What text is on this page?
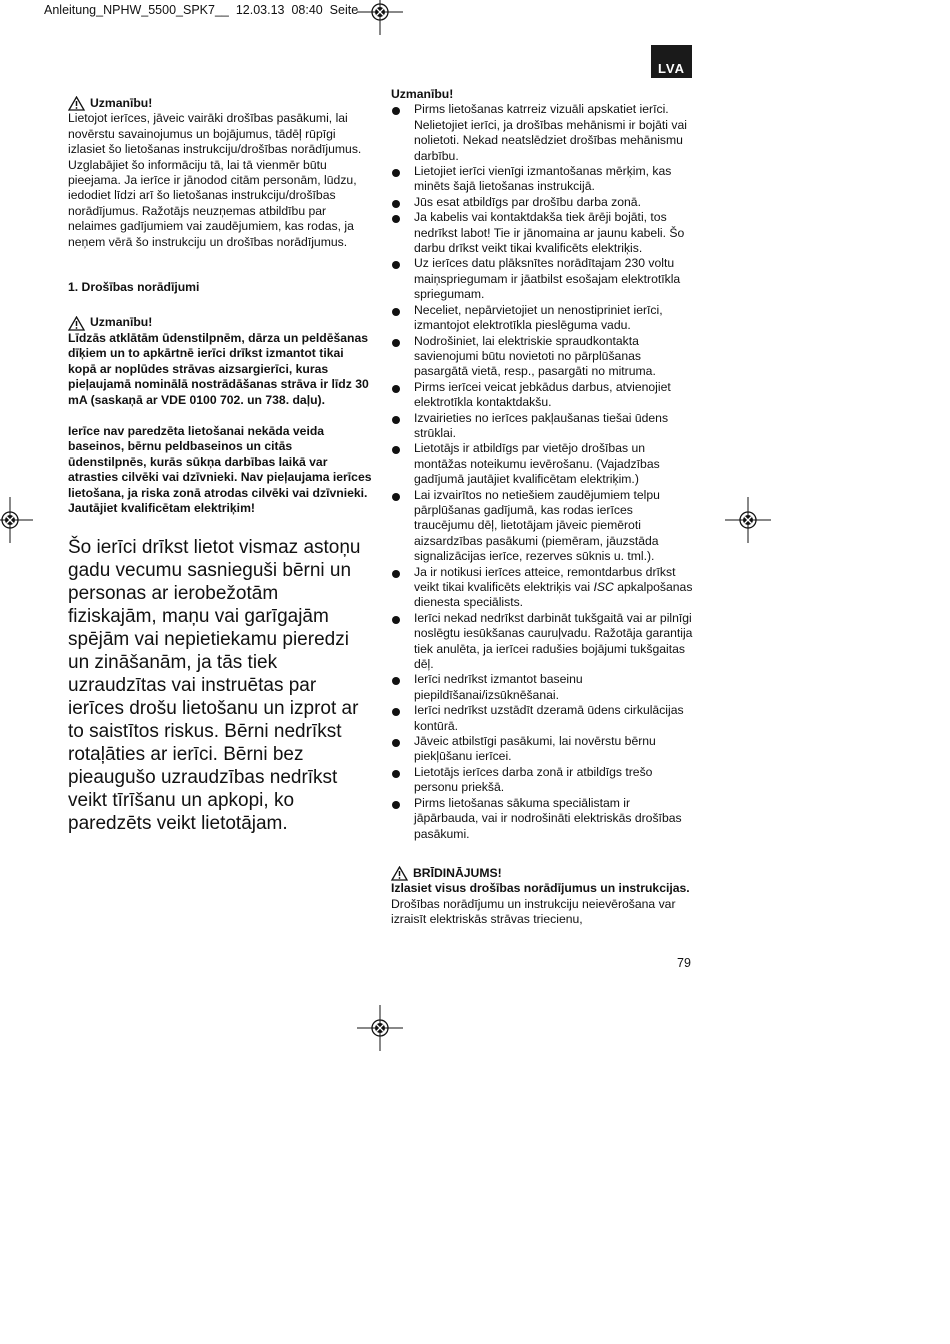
Anleitung_NPHW_5500_SPK7__ 12.03.13 08:40 Seite
LVA
Uzmanību!

Lietojot ierīces, jāveic vairāki drošības pasākumi, lai novērstu savainojumus un bojājumus, tādēļ rūpīgi izlasiet šo lietošanas instrukciju/drošības norādījumus. Uzglabājiet šo informāciju tā, lai tā vienmēr būtu pieejama. Ja ierīce ir jānodod citām personām, lūdzu, iedodiet līdzi arī šo lietošanas instrukciju/drošības norādījumus. Ražotājs neuzņemas atbildību par nelaimes gadījumiem vai zaudējumiem, kas rodas, ja neņem vērā šo instrukciju un drošības norādījumus.

1. Drošības norādījumi

Uzmanību!

Līdzās atklātām ūdenstilpnēm, dārza un peldēšanas dīķiem un to apkārtnē ierīci drīkst izmantot tikai kopā ar noplūdes strāvas aizsargierīci, kuras pieļaujamā nominālā nostrādāšanas strāva ir līdz 30 mA (saskaņā ar VDE 0100 702. un 738. daļu).

Ierīce nav paredzēta lietošanai nekāda veida baseinos, bērnu peldbaseinos un citās ūdenstilpnēs, kurās sūkņa darbības laikā var atrasties cilvēki vai dzīvnieki. Nav pieļaujama ierīces lietošana, ja riska zonā atrodas cilvēki vai dzīvnieki. Jautājiet kvalificētam elektriķim!

Šo ierīci drīkst lietot vismaz astoņu gadu vecumu sasnieguši bērni un personas ar ierobežotām fiziskajām, maņu vai garīgajām spējām vai nepietiekamu pieredzi un zināšanām, ja tās tiek uzraudzītas vai instruētas par ierīces drošu lietošanu un izprot ar to saistītos riskus. Bērni nedrīkst rotaļāties ar ierīci. Bērni bez pieaugušo uzraudzības nedrīkst veikt tīrīšanu un apkopi, ko paredzēts veikt lietotājam.

Uzmanību!

Pirms lietošanas katrreiz vizuāli apskatiet ierīci. Nelietojiet ierīci, ja drošības mehānismi ir bojāti vai nolietoti. Nekad neatslēdziet drošības mehānismu darbību.
Lietojiet ierīci vienīgi izmantošanas mērķim, kas minēts šajā lietošanas instrukcijā.
Jūs esat atbildīgs par drošību darba zonā.
Ja kabelis vai kontaktdakša tiek ārēji bojāti, tos nedrīkst labot! Tie ir jānomaina ar jaunu kabeli. Šo darbu drīkst veikt tikai kvalificēts elektriķis.
Uz ierīces datu plāksnītes norādītajam 230 voltu maiņspriegumam ir jāatbilst esošajam elektrotīkla spriegumam.
Neceliet, nepārvietojiet un nenostipriniet ierīci, izmantojot elektrotīkla pieslēguma vadu.
Nodrošiniet, lai elektriskie spraudkontakta savienojumi būtu novietoti no pārplūšanas pasargātā vietā, resp., pasargāti no mitruma.
Pirms ierīcei veicat jebkādus darbus, atvienojiet elektrotīkla kontaktdakšu.
Izvairieties no ierīces pakļaušanas tiešai ūdens strūklai.
Lietotājs ir atbildīgs par vietējo drošības un montāžas noteikumu ievērošanu. (Vajadzības gadījumā jautājiet kvalificētam elektriķim.)
Lai izvairītos no netiešiem zaudējumiem telpu pārplūšanas gadījumā, kas rodas ierīces traucējumu dēļ, lietotājam jāveic piemēroti aizsardzības pasākumi (piemēram, jāuzstāda signalizācijas ierīce, rezerves sūknis u. tml.).
Ja ir notikusi ierīces atteice, remontdarbus drīkst veikt tikai kvalificēts elektriķis vai ISC apkalpošanas dienesta speciālists.
Ierīci nekad nedrīkst darbināt tukšgaitā vai ar pilnīgi noslēgtu iesūkšanas cauruļvadu. Ražotāja garantija tiek anulēta, ja ierīcei radušies bojājumi tukšgaitas dēļ.
Ierīci nedrīkst izmantot baseinu piepildīšanai/izsūknēšanai.
Ierīci nedrīkst uzstādīt dzeramā ūdens cirkulācijas kontūrā.
Jāveic atbilstīgi pasākumi, lai novērstu bērnu piekļūšanu ierīcei.
Lietotājs ierīces darba zonā ir atbildīgs trešo personu priekšā.
Pirms lietošanas sākuma speciālistam ir jāpārbauda, vai ir nodrošināti elektriskās drošības pasākumi.
BRĪDINĀJUMS!

Izlasiet visus drošības norādījumus un instrukcijas. Drošības norādījumu un instrukciju neievērošana var izraisīt elektriskās strāvas triecienu,

79
